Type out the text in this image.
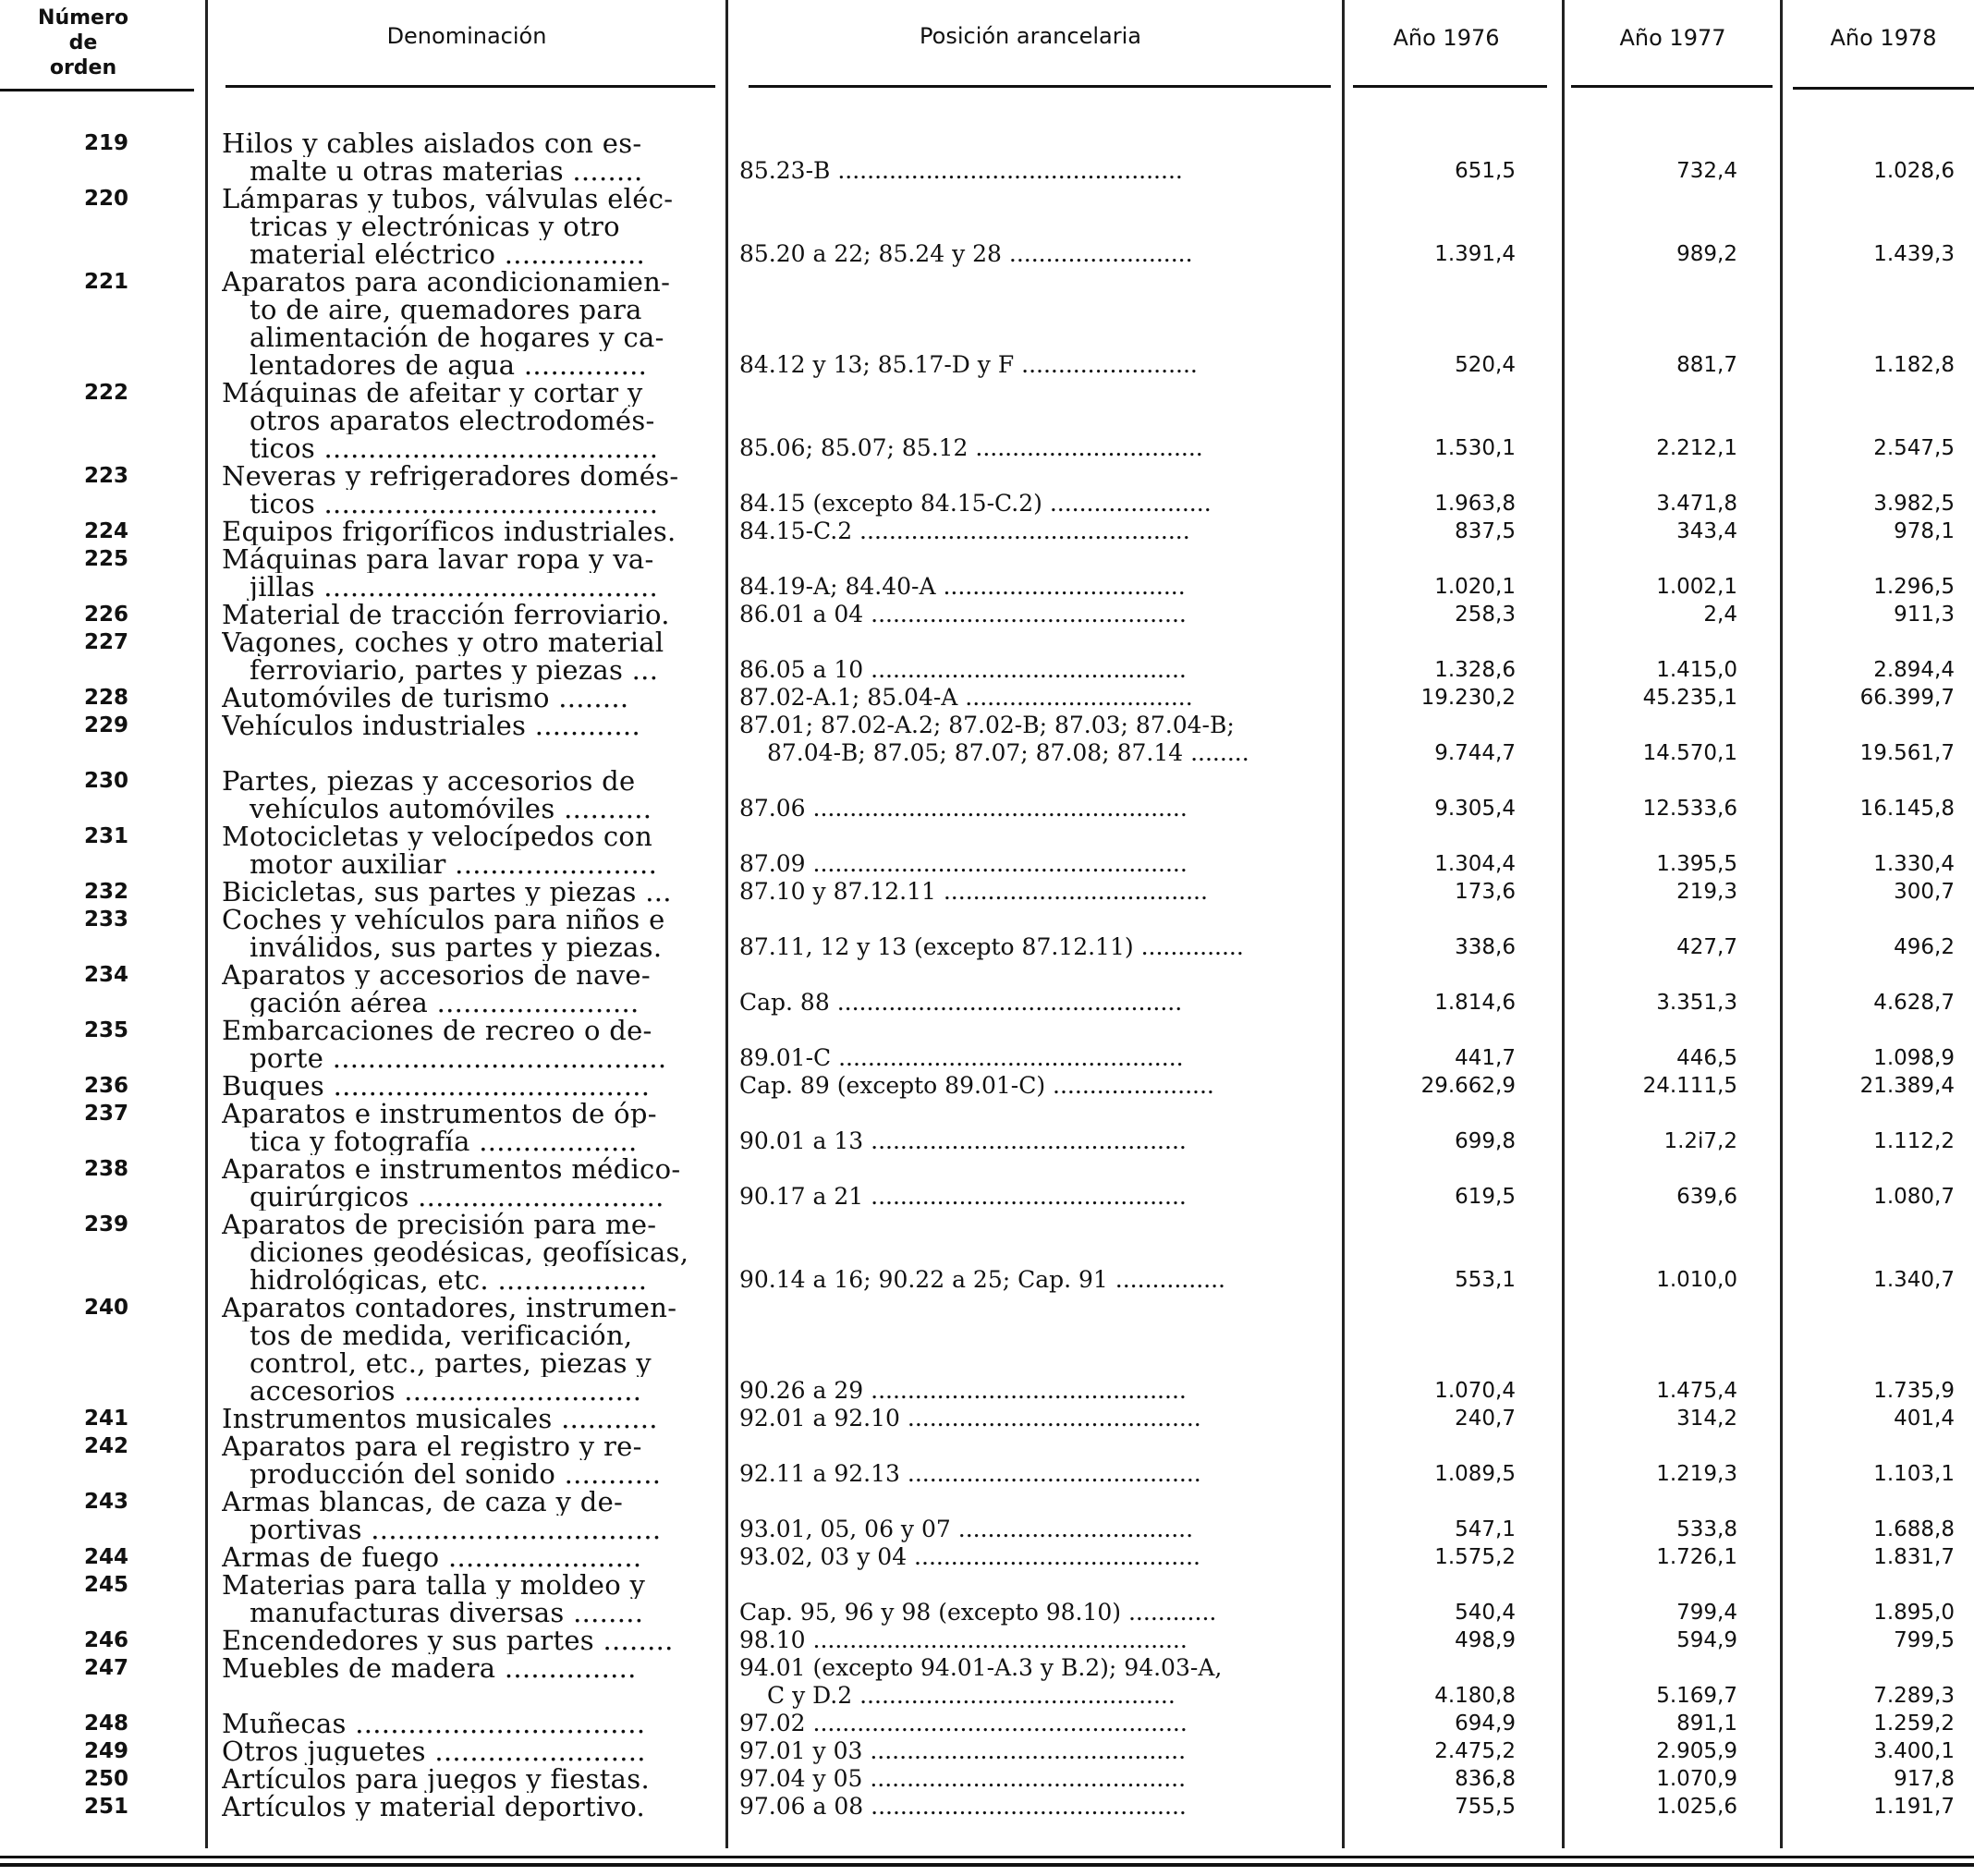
Número
de
orden
Denominación	Posición arancelaria	Año 1976	Año 1977	Año 1978
219	Hilos y cables aislados con es-
malte u otras materias ........	85.23-B ...............................................	651,5	732,4	1.028,6
220	Lámparas y tubos, válvulas eléc-
tricas y electrónicas y otro
material eléctrico ................	85.20 a 22; 85.24 y 28 .........................	1.391,4	989,2	1.439,3
221	Aparatos para acondicionamien-
to de aire, quemadores para
alimentación de hogares y ca-
lentadores de agua ..............	84.12 y 13; 85.17-D y F ........................	520,4	881,7	1.182,8
222	Máquinas de afeitar y cortar y
otros aparatos electrodomés-
ticos ......................................	85.06; 85.07; 85.12 ...............................	1.530,1	2.212,1	2.547,5
223	Neveras y refrigeradores domés-
ticos ......................................	84.15 (excepto 84.15-C.2) ......................	1.963,8	3.471,8	3.982,5
224	Equipos frigoríficos industriales.	84.15-C.2 .............................................	837,5	343,4	978,1
225	Máquinas para lavar ropa y va-
jillas ......................................	84.19-A; 84.40-A .................................	1.020,1	1.002,1	1.296,5
226	Material de tracción ferroviario.	86.01 a 04 ...........................................	258,3	2,4	911,3
227	Vagones, coches y otro material
ferroviario, partes y piezas ...	86.05 a 10 ...........................................	1.328,6	1.415,0	2.894,4
228	Automóviles de turismo ........	87.02-A.1; 85.04-A ...............................	19.230,2	45.235,1	66.399,7
229	Vehículos industriales ............	87.01; 87.02-A.2; 87.02-B; 87.03; 87.04-B;
87.04-B; 87.05; 87.07; 87.08; 87.14 ........	9.744,7	14.570,1	19.561,7
230	Partes, piezas y accesorios de
vehículos automóviles ..........	87.06 ...................................................	9.305,4	12.533,6	16.145,8
231	Motocicletas y velocípedos con
motor auxiliar .......................	87.09 ...................................................	1.304,4	1.395,5	1.330,4
232	Bicicletas, sus partes y piezas ...	87.10 y 87.12.11 ....................................	173,6	219,3	300,7
233	Coches y vehículos para niños e
inválidos, sus partes y piezas.	87.11, 12 y 13 (excepto 87.12.11) ..............	338,6	427,7	496,2
234	Aparatos y accesorios de nave-
gación aérea .......................	Cap. 88 ...............................................	1.814,6	3.351,3	4.628,7
235	Embarcaciones de recreo o de-
porte ......................................	89.01-C ...............................................	441,7	446,5	1.098,9
236	Buques ....................................	Cap. 89 (excepto 89.01-C) ......................	29.662,9	24.111,5	21.389,4
237	Aparatos e instrumentos de óp-
tica y fotografía ..................	90.01 a 13 ...........................................	699,8	1.2i7,2	1.112,2
238	Aparatos e instrumentos médico-
quirúrgicos ............................	90.17 a 21 ...........................................	619,5	639,6	1.080,7
239	Aparatos de precisión para me-
diciones geodésicas, geofísicas,
hidrológicas, etc. .................	90.14 a 16; 90.22 a 25; Cap. 91 ...............	553,1	1.010,0	1.340,7
240	Aparatos contadores, instrumen-
tos de medida, verificación,
control, etc., partes, piezas y
accesorios ...........................	90.26 a 29 ...........................................	1.070,4	1.475,4	1.735,9
241	Instrumentos musicales ...........	92.01 a 92.10 ........................................	240,7	314,2	401,4
242	Aparatos para el registro y re-
producción del sonido ...........	92.11 a 92.13 ........................................	1.089,5	1.219,3	1.103,1
243	Armas blancas, de caza y de-
portivas .................................	93.01, 05, 06 y 07 ................................	547,1	533,8	1.688,8
244	Armas de fuego ......................	93.02, 03 y 04 .......................................	1.575,2	1.726,1	1.831,7
245	Materias para talla y moldeo y
manufacturas diversas ........	Cap. 95, 96 y 98 (excepto 98.10) ............	540,4	799,4	1.895,0
246	Encendedores y sus partes ........	98.10 ...................................................	498,9	594,9	799,5
247	Muebles de madera ...............	94.01 (excepto 94.01-A.3 y B.2); 94.03-A,
C y D.2 ...........................................	4.180,8	5.169,7	7.289,3
248	Muñecas .................................	97.02 ...................................................	694,9	891,1	1.259,2
249	Otros juguetes ........................	97.01 y 03 ...........................................	2.475,2	2.905,9	3.400,1
250	Artículos para juegos y fiestas.	97.04 y 05 ...........................................	836,8	1.070,9	917,8
251	Artículos y material deportivo.	97.06 a 08 ...........................................	755,5	1.025,6	1.191,7
